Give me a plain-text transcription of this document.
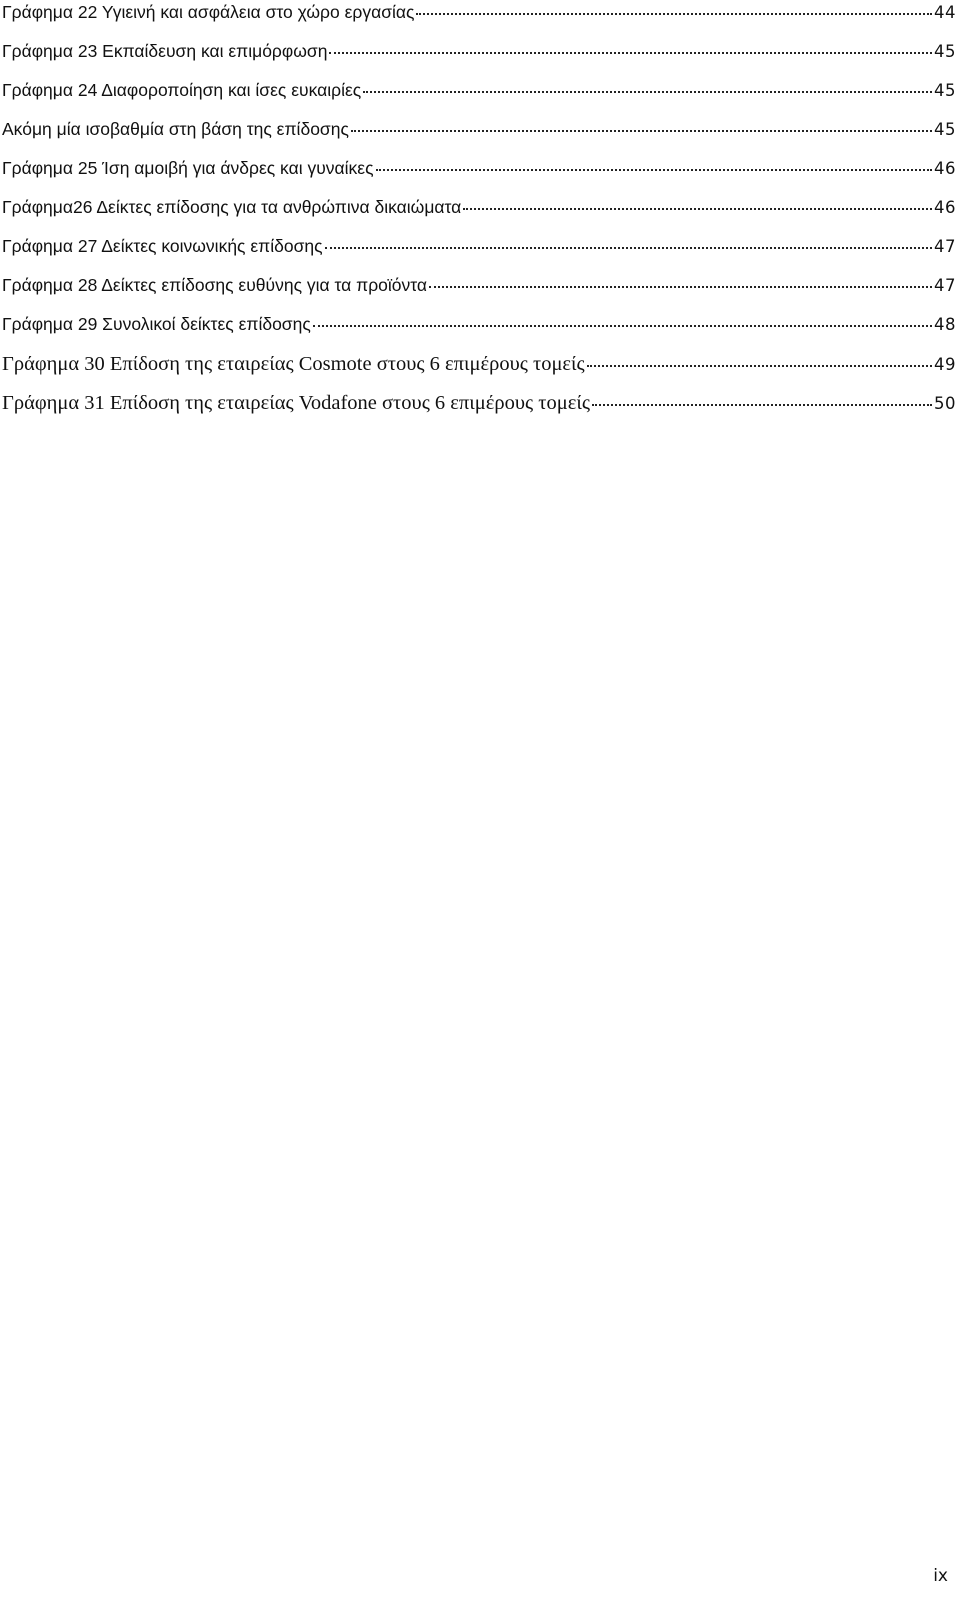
Γράφημα 22 Υγιεινή και ασφάλεια στο χώρο εργασίας	44
Γράφημα 23 Εκπαίδευση και επιμόρφωση	45
Γράφημα 24 Διαφοροποίηση και ίσες ευκαιρίες	45
Ακόμη μία ισοβαθμία στη βάση της επίδοσης	45
Γράφημα 25 Ίση αμοιβή για άνδρες και γυναίκες	46
Γράφημα26 Δείκτες επίδοσης για τα ανθρώπινα δικαιώματα	46
Γράφημα 27 Δείκτες κοινωνικής επίδοσης	47
Γράφημα 28 Δείκτες επίδοσης ευθύνης για τα προϊόντα	47
Γράφημα 29 Συνολικοί δείκτες επίδοσης	48
Γράφημα 30 Επίδοση της εταιρείας Cosmote στους 6 επιμέρους τομείς	49
Γράφημα 31 Επίδοση της εταιρείας Vodafone στους 6 επιμέρους τομείς	50
ix
